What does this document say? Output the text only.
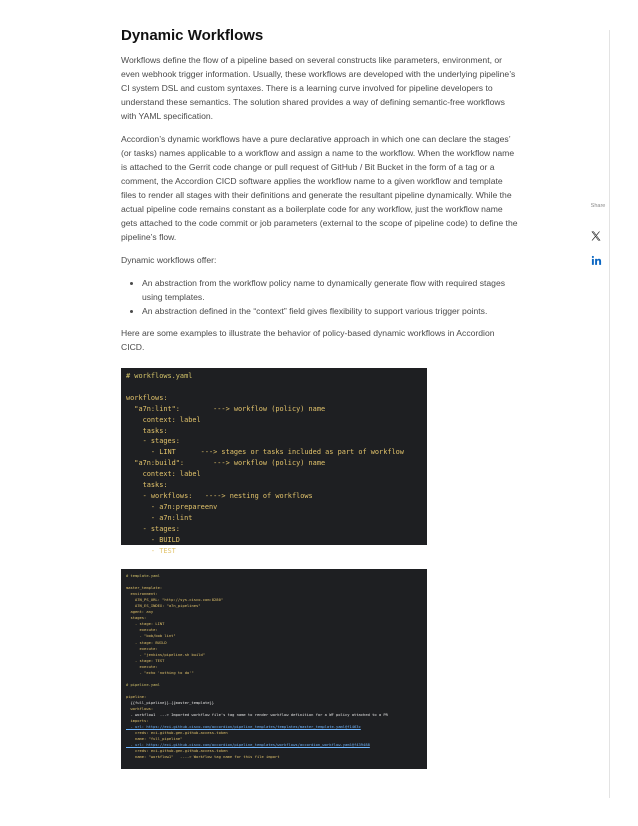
Dynamic Workflows

Workflows define the flow of a pipeline based on several constructs like parameters, environment, or even webhook trigger information. Usually, these workflows are developed with the underlying pipeline’s CI system DSL and custom syntaxes. There is a learning curve involved for pipeline developers to understand these semantics. The solution shared provides a way of defining semantic-free workflows with YAML specification.

Accordion’s dynamic workflows have a pure declarative approach in which one can declare the stages’ (or tasks) names applicable to a workflow and assign a name to the workflow. When the workflow name is attached to the Gerrit code change or pull request of GitHub / Bit Bucket in the form of a tag or a comment, the Accordion CICD software applies the workflow name to a given workflow and template files to render all stages with their definitions and generate the resultant pipeline dynamically. While the actual pipeline code remains constant as a boilerplate code for any workflow, just the workflow name gets attached to the code commit or job parameters (external to the scope of pipeline code) to define the pipeline’s flow.

Dynamic workflows offer:

• An abstraction from the workflow policy name to dynamically generate flow with required stages using templates.
• An abstraction defined in the “context” field gives flexibility to support various trigger points.

Here are some examples to illustrate the behavior of policy-based dynamic workflows in Accordion CICD.

# workflows.yaml

workflows:
"a7n:lint":        ---> workflow (policy) name
context: label
tasks:
- stages:
- LINT      ---> stages or tasks included as part of workflow
"a7n:build":       ---> workflow (policy) name
context: label
tasks:
- workflows:   ----> nesting of workflows
- a7n:prepareenv
- a7n:lint
- stages:
- BUILD
- TEST
# template.yaml

master_template:
environment:
A7N_PS_URL: "http://sys.cisco.com:8280"
A7N_ES_INDEX: "a7n_pipelines"
agent: any
stages:
- stage: LINT
execute:
- "bob/bob lint"
- stage: BUILD
execute:
- "jenkins/pipeline.sh build"
- stage: TEST
execute:
- "echo 'nothing to do'"

# pipeline.yaml

pipeline:
{{full_pipeline}}.{{master_template}}
workflows:
- workflow1  ---> Imported workflow file's tag name to render workflow definition for a WF policy attached to a PR
imports:
- url: https://eci-github.cisco.com/accordion/pipeline_templates/templates/master_template.yaml@f1463c
creds: eci-github.gen-github-access-token
name: "full_pipeline"
- url: https://eci-github.cisco.com/accordion/pipeline_templates/workflows/accordion_workflow.yaml@f439488
creds: eci-github.gen-github-access-token
name: "workflow1"   ----> Workflow tag name for this file import
Share
